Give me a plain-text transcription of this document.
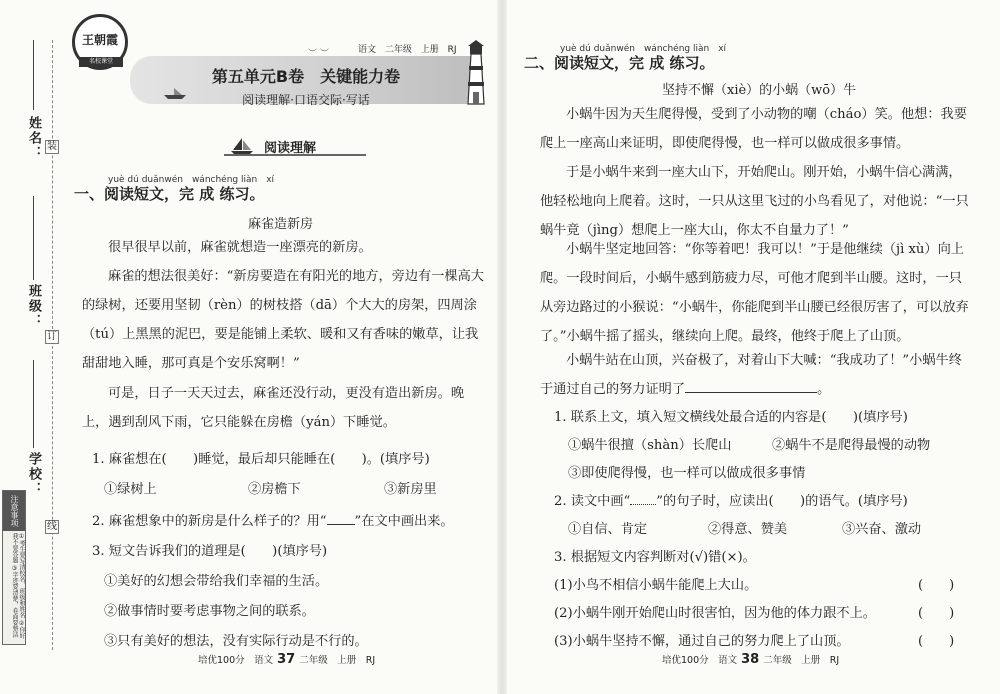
姓名：
班级：
学校：
装
订
线
注意事项
①考生要写清校名、班级和姓名 ②你好我不要答题 ③字迹要清楚，卷面要整洁
王朝霞
名校课堂
语文 二年级 上册 RJ
︶ ︶
第五单元B卷　关键能力卷
阅读理解·口语交际·写话
阅读理解
yuè dú duǎnwén　wánchéng liàn　xí
一、阅读短文，完 成 练习。
麻雀造新房
很早很早以前，麻雀就想造一座漂亮的新房。
麻雀的想法很美好：“新房要造在有阳光的地方，旁边有一棵高大的绿树，还要用坚韧（rèn）的树枝搭（dā）个大大的房架，四周涂（tú）上黑黑的泥巴，要是能铺上柔软、暖和又有香味的嫩草，让我甜甜地入睡，那可真是个安乐窝啊！”
可是，日子一天天过去，麻雀还没行动，更没有造出新房。晚上，遇到刮风下雨，它只能躲在房檐（yán）下睡觉。
1. 麻雀想在(　　)睡觉，最后却只能睡在(　　)。(填序号)
①绿树上	②房檐下	③新房里
2. 麻雀想象中的新房是什么样子的？用“ ”在文中画出来。
3. 短文告诉我们的道理是(　　)(填序号)
①美好的幻想会带给我们幸福的生活。
②做事情时要考虑事物之间的联系。
③只有美好的想法，没有实际行动是不行的。
培优100分　语文 37 二年级　上册　RJ
yuè dú duǎnwén　wánchéng liàn　xí
二、阅读短文，完 成 练习。
坚持不懈（xiè）的小蜗（wō）牛
小蜗牛因为天生爬得慢，受到了小动物的嘲（cháo）笑。他想：我要爬上一座高山来证明，即使爬得慢，也一样可以做成很多事情。
于是小蜗牛来到一座大山下，开始爬山。刚开始，小蜗牛信心满满，他轻松地向上爬着。这时，一只从这里飞过的小鸟看见了，对他说：“一只蜗牛竟（jìng）想爬上一座大山，你太不自量力了！”
小蜗牛坚定地回答：“你等着吧！我可以！”于是他继续（jì xù）向上爬。一段时间后，小蜗牛感到筋疲力尽，可他才爬到半山腰。这时，一只从旁边路过的小猴说：“小蜗牛，你能爬到半山腰已经很厉害了，可以放弃了。”小蜗牛摇了摇头，继续向上爬。最终，他终于爬上了山顶。
小蜗牛站在山顶，兴奋极了，对着山下大喊：“我成功了！”小蜗牛终于通过自己的努力证明了	。
1. 联系上文，填入短文横线处最合适的内容是(　　)(填序号)
①蜗牛很擅（shàn）长爬山	②蜗牛不是爬得最慢的动物
③即使爬得慢，也一样可以做成很多事情
2. 读文中画“ ”的句子时，应读出(　　)的语气。(填序号)
①自信、肯定	②得意、赞美	③兴奋、激动
3. 根据短文内容判断对(√)错(×)。
(1)小鸟不相信小蜗牛能爬上大山。	(　　)
(2)小蜗牛刚开始爬山时很害怕，因为他的体力跟不上。	(　　)
(3)小蜗牛坚持不懈，通过自己的努力爬上了山顶。	(　　)
培优100分　语文 38 二年级　上册　RJ
